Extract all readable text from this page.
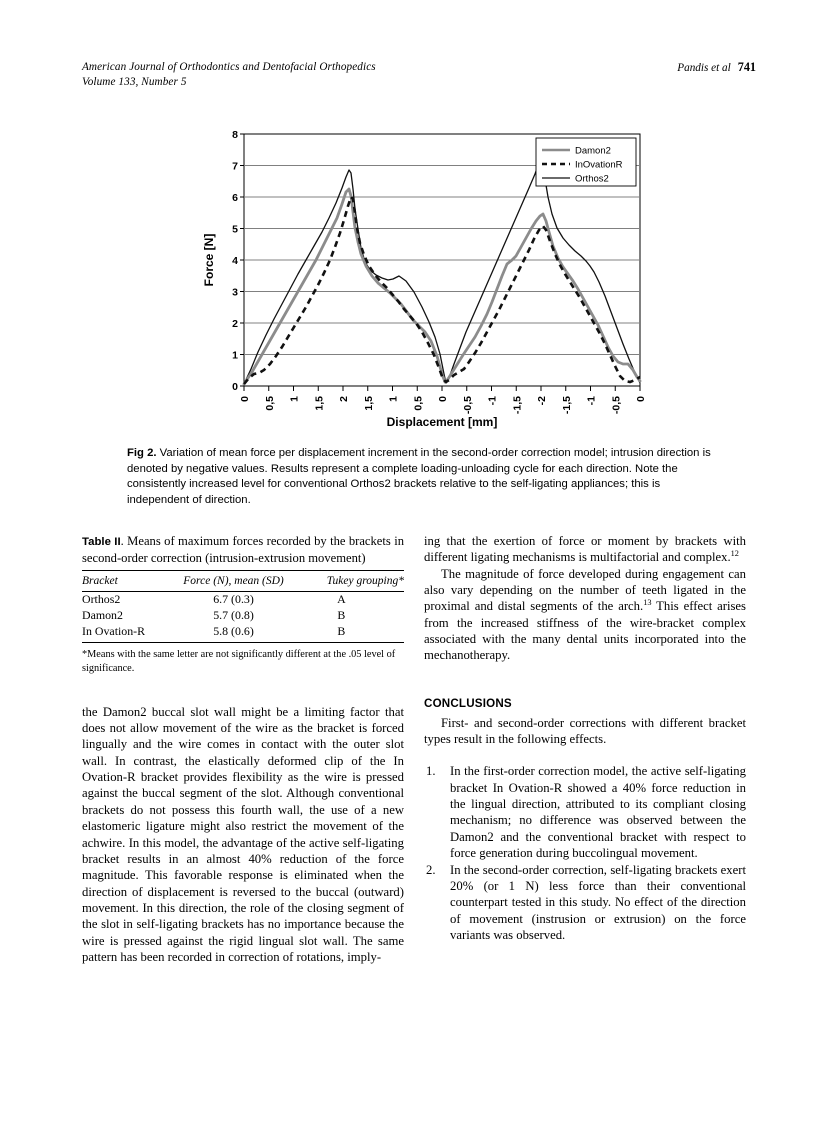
American Journal of Orthodontics and Dentofacial Orthopedics
Volume 133, Number 5
Pandis et al 741
8
7
6
5
4
3
2
1
0
Force [N]
0 0,5 1 1,5 2 1,5 1 0,5 0 -0,5 -1 -1,5 -2 -1,5 -1 -0,5 0
Displacement [mm]
Damon2
InOvationR
Orthos2
Fig 2. Variation of mean force per displacement increment in the second-order correction model; intrusion direction is denoted by negative values. Results represent a complete loading-unloading cycle for each direction. Note the consistently increased level for conventional Orthos2 brackets relative to the self-ligating appliances; this is independent of direction.
Table II. Means of maximum forces recorded by the brackets in second-order correction (intrusion-extrusion movement)
Bracket	Force (N), mean (SD)	Tukey grouping*
Orthos2	6.7 (0.3)	A
Damon2	5.7 (0.8)	B
In Ovation-R	5.8 (0.6)	B
*Means with the same letter are not significantly different at the .05 level of significance.

the Damon2 buccal slot wall might be a limiting factor that does not allow movement of the wire as the bracket is forced lingually and the wire comes in contact with the outer slot wall. In contrast, the elastically deformed clip of the In Ovation-R bracket provides flexibility as the wire is pressed against the buccal segment of the slot. Although conventional brackets do not possess this fourth wall, the use of a new elastomeric ligature might also restrict the movement of the achwire. In this model, the advantage of the active self-ligating bracket results in an almost 40% reduction of the force magnitude. This favorable response is eliminated when the direction of displacement is reversed to the buccal (outward) movement. In this direction, the role of the closing segment of the slot in self-ligating brackets has no importance because the wire is pressed against the rigid lingual slot wall. The same pattern has been recorded in correction of rotations, imply-

ing that the exertion of force or moment by brackets with different ligating mechanisms is multifactorial and complex.$^{12}$

The magnitude of force developed during engagement can also vary depending on the number of teeth ligated in the proximal and distal segments of the arch.$^{13}$ This effect arises from the increased stiffness of the wire-bracket complex associated with the many dental units incorporated into the mechanotherapy.

CONCLUSIONS

First- and second-order corrections with different bracket types result in the following effects.

1. In the first-order correction model, the active self-ligating bracket In Ovation-R showed a 40% force reduction in the lingual direction, attributed to its compliant closing mechanism; no difference was observed between the Damon2 and the conventional bracket with respect to force generation during buccolingual movement.
2. In the second-order correction, self-ligating brackets exert 20% (or 1 N) less force than their conventional counterpart tested in this study. No effect of the direction of movement (instrusion or extrusion) on the force variants was observed.
